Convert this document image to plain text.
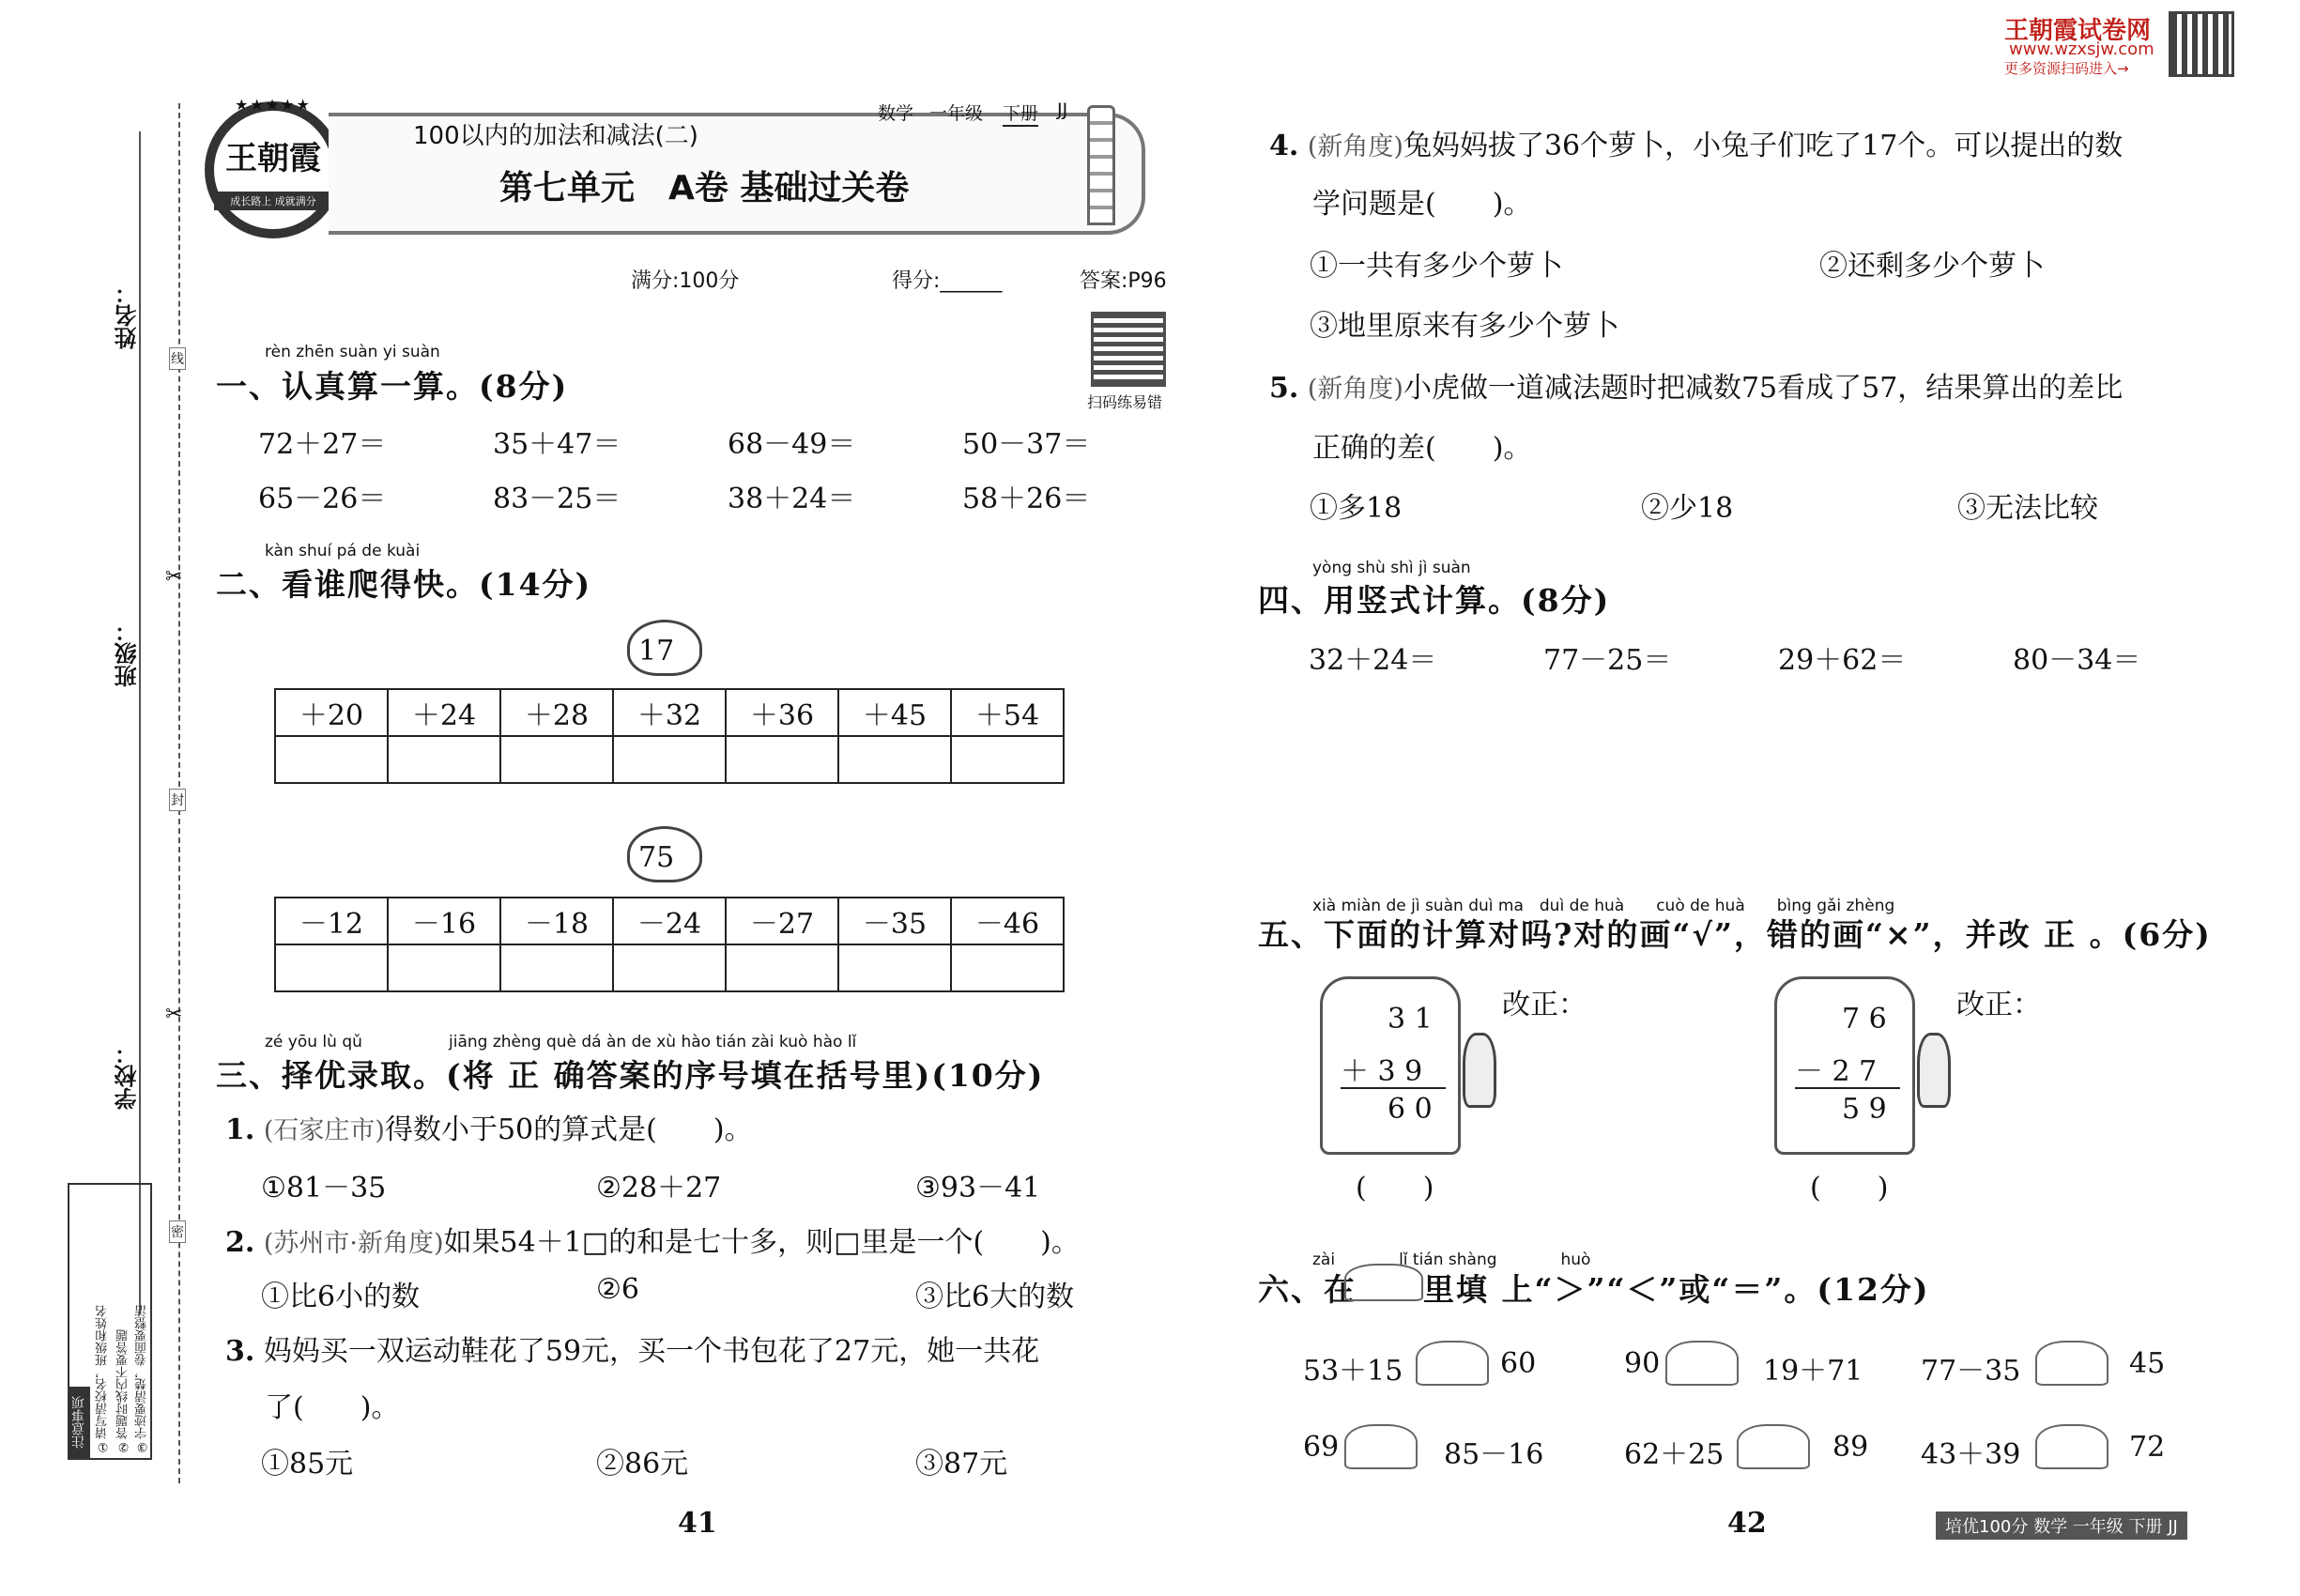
王朝霞试卷网
www.wzxsjw.com
更多资源扫码进入→
姓名：
班级：
学校：
线
封
密
✂
✂
注意事项 ①请写清校名，班级和姓名 ②答题时线内不要答题 ③字迹要清楚，卷面要整洁
★★★★★
王朝霞
成长路上 成就满分
100以内的加法和减法(二)
数学 一年级 下册 JJ
第七单元　A卷 基础过关卷
满分:100分	得分:______	答案:P96
扫码练易错
rèn zhēn suàn yi suàn
一、认真算一算。(8分)
72＋27＝	35＋47＝	68－49＝	50－37＝
65－26＝	83－25＝	38＋24＝	58＋26＝
kàn shuí pá de kuài
二、看谁爬得快。(14分)
17
＋20	＋24	＋28	＋32	＋36	＋45	＋54

75
－12	－16	－18	－24	－27	－35	－46

zé yōu lù qǔ	jiāng zhèng què dá àn de xù hào tián zài kuò hào lǐ
三、择优录取。(将 正 确答案的序号填在括号里)(10分)
1. (石家庄市)得数小于50的算式是(　　)。
①81－35	②28＋27	③93－41
2. (苏州市·新角度)如果54＋1□的和是七十多，则□里是一个(　　)。
①比6小的数	②6	③比6大的数
3. 妈妈买一双运动鞋花了59元，买一个书包花了27元，她一共花
了(　　)。
①85元	②86元	③87元
41
4. (新角度)兔妈妈拔了36个萝卜，小兔子们吃了17个。可以提出的数
学问题是(　　)。
①一共有多少个萝卜	②还剩多少个萝卜
③地里原来有多少个萝卜
5. (新角度)小虎做一道减法题时把减数75看成了57，结果算出的差比
正确的差(　　)。
①多18	②少18	③无法比较
yòng shù shì jì suàn
四、用竖式计算。(8分)
32＋24＝	77－25＝	29＋62＝	80－34＝
xià miàn de jì suàn duì ma　duì de huà　　cuò de huà　　bìng gǎi zhèng
五、下面的计算对吗?对的画“√”，错的画“×”，并改 正 。(6分)
3 1
＋ 3 9
6 0
(　　)
改正：	7 6
－ 2 7
5 9
(　　)
改正：
zài　　　　lǐ tián shàng　　　　huò
六、在 里填 上“＞”“＜”或“＝”。(12分)
53＋15	60	90	19＋71 77－35	45
69	85－16	62＋25	89 43＋39	72
42	培优100分 数学 一年级 下册 JJ
